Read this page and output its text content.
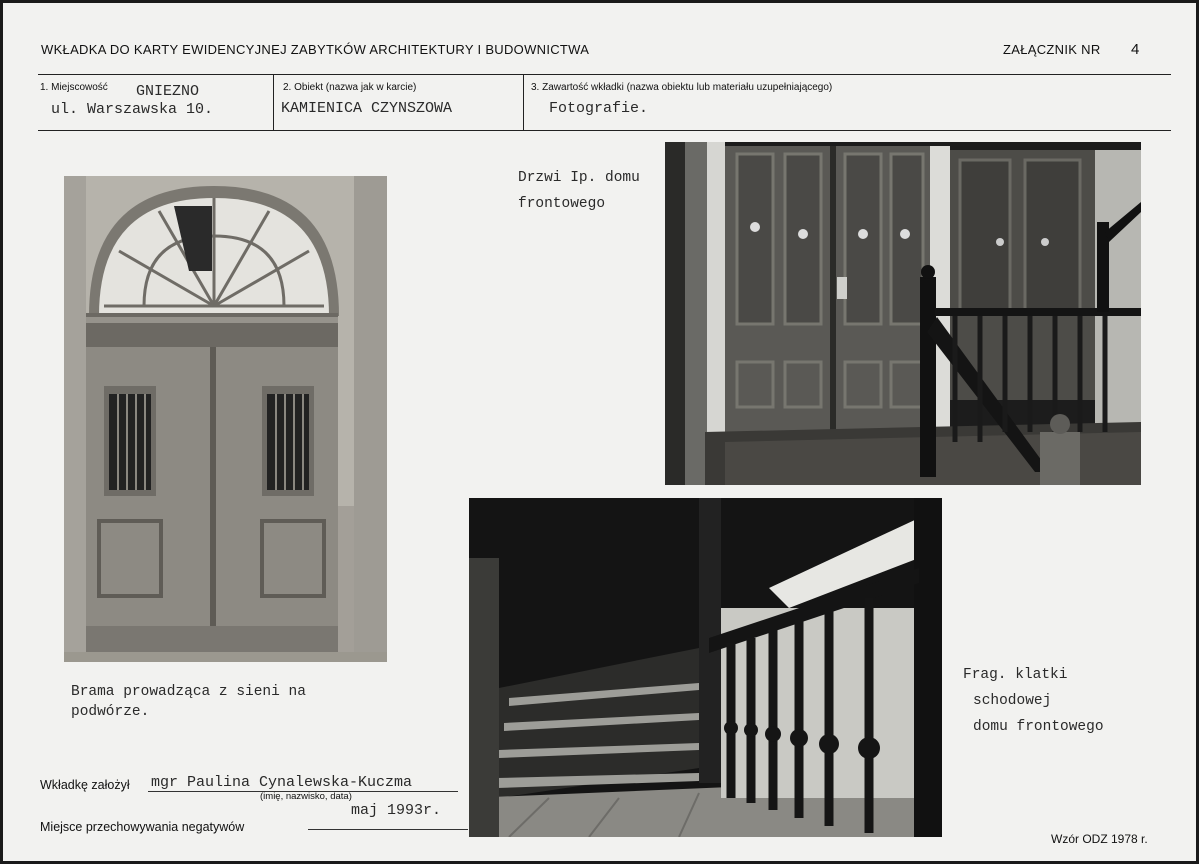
WKŁADKA DO KARTY EWIDENCYJNEJ ZABYTKÓW ARCHITEKTURY I BUDOWNICTWA	ZAŁĄCZNIK NR 4
1. Miejscowość GNIEZNO
ul. Warszawska 10.
2. Obiekt (nazwa jak w karcie)
KAMIENICA CZYNSZOWA
3. Zawartość wkładki (nazwa obiektu lub materiału uzupełniającego)
Fotografie.
Brama prowadząca z sieni na
podwórze.
Drzwi Ip. domu
frontowego
Frag. klatki
schodowej
domu frontowego
Wkładkę założył mgr Paulina Cynalewska-Kuczma
(imię, nazwisko, data)
maj 1993r.
Miejsce przechowywania negatywów
Wzór ODZ 1978 r.
